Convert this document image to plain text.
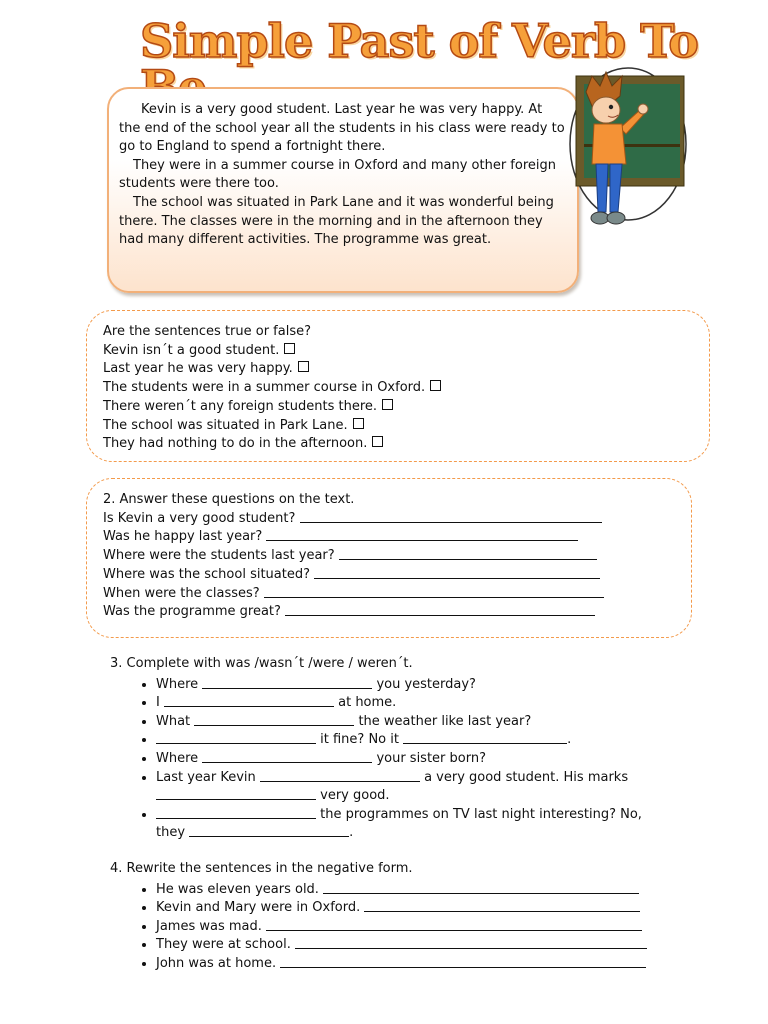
Simple Past of Verb To

Kevin is a very good student. Last year he was very happy. At the end of the school year all the students in his class were ready to go to England to spend a fortnight there.

They were in a summer course in Oxford and many other foreign students were there too.

The school was situated in Park Lane and it was wonderful being there. The classes were in the morning and in the afternoon they had many different activities. The programme was great.

Are the sentences true or false?
Kevin isn´t a good student.
Last year he was very happy.
The students were in a summer course in Oxford.
There weren´t any foreign students there.
The school was situated in Park Lane.
They had nothing to do in the afternoon.
2. Answer these questions on the text.
Is Kevin a very good student?
Was he happy last year?
Where were the students last year?
Where was the school situated?
When were the classes?
Was the programme great?
3. Complete with was /wasn´t /were / weren´t.
• Where	you yesterday?
• I	at home.
• What	the weather like last year?
• it fine? No it	.
• Where	your sister born?
• Last year Kevin	a very good student. His marks
very good.
• the programmes on TV last night interesting? No,
they	.
4. Rewrite the sentences in the negative form.
• He was eleven years old.
• Kevin and Mary were in Oxford.
• James was mad.
• They were at school.
• John was at home.
